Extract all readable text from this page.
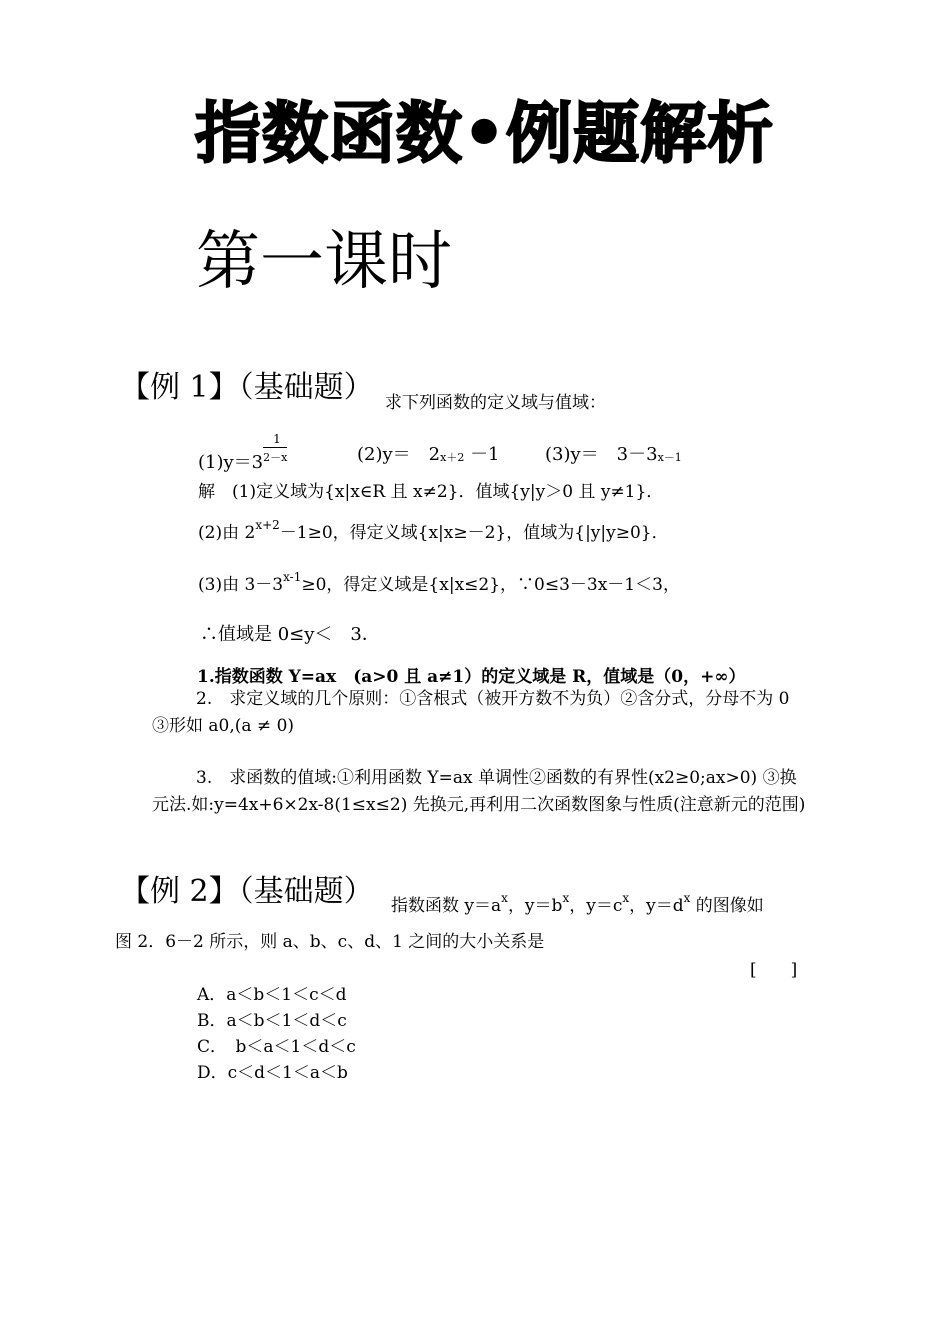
指数函数•例题解析
第一课时
【例 1】（基础题） 求下列函数的定义域与值域：
(1)y＝3
$\frac{1}{2-x}$	(2)y＝　 2x＋2 －1	(3)y＝　 3－3x－1
解　(1)定义域为{x|x∈R 且 x≠2}．值域{y|y＞0 且 y≠1}．
(2)由 $2^{x+2}-1\ge 0$，得定义域{x|x≥－2}，值域为{|y|y≥0}．
(3)由 $3-3^{x-1}\ge 0$，得定义域是{x|x≤2}，∵0≤3－3x－1＜3，
∴值域是 0≤y＜　3．
1.指数函数 Y=ax　(a>0 且 a≠1）的定义域是 R，值域是（0，+∞）
2.　求定义域的几个原则：①含根式（被开方数不为负）②含分式，分母不为 0 ③形如 a0,(a ≠ 0)
3.　求函数的值域:①利用函数 Y=ax 单调性②函数的有界性(x2≥0;ax>0) ③换元法.如:y=4x+6×2x-8(1≤x≤2) 先换元,再利用二次函数图象与性质(注意新元的范围)
【例 2】（基础题） 指数函数 $y=a^x$，$y=b^x$，$y=c^x$，$y=d^x$ 的图像如
图 2．6－2 所示，则 a、b、c、d、1 之间的大小关系是
[　　]
A．a＜b＜1＜c＜d
B．a＜b＜1＜d＜c
C．　b＜a＜1＜d＜c
D．c＜d＜1＜a＜b
